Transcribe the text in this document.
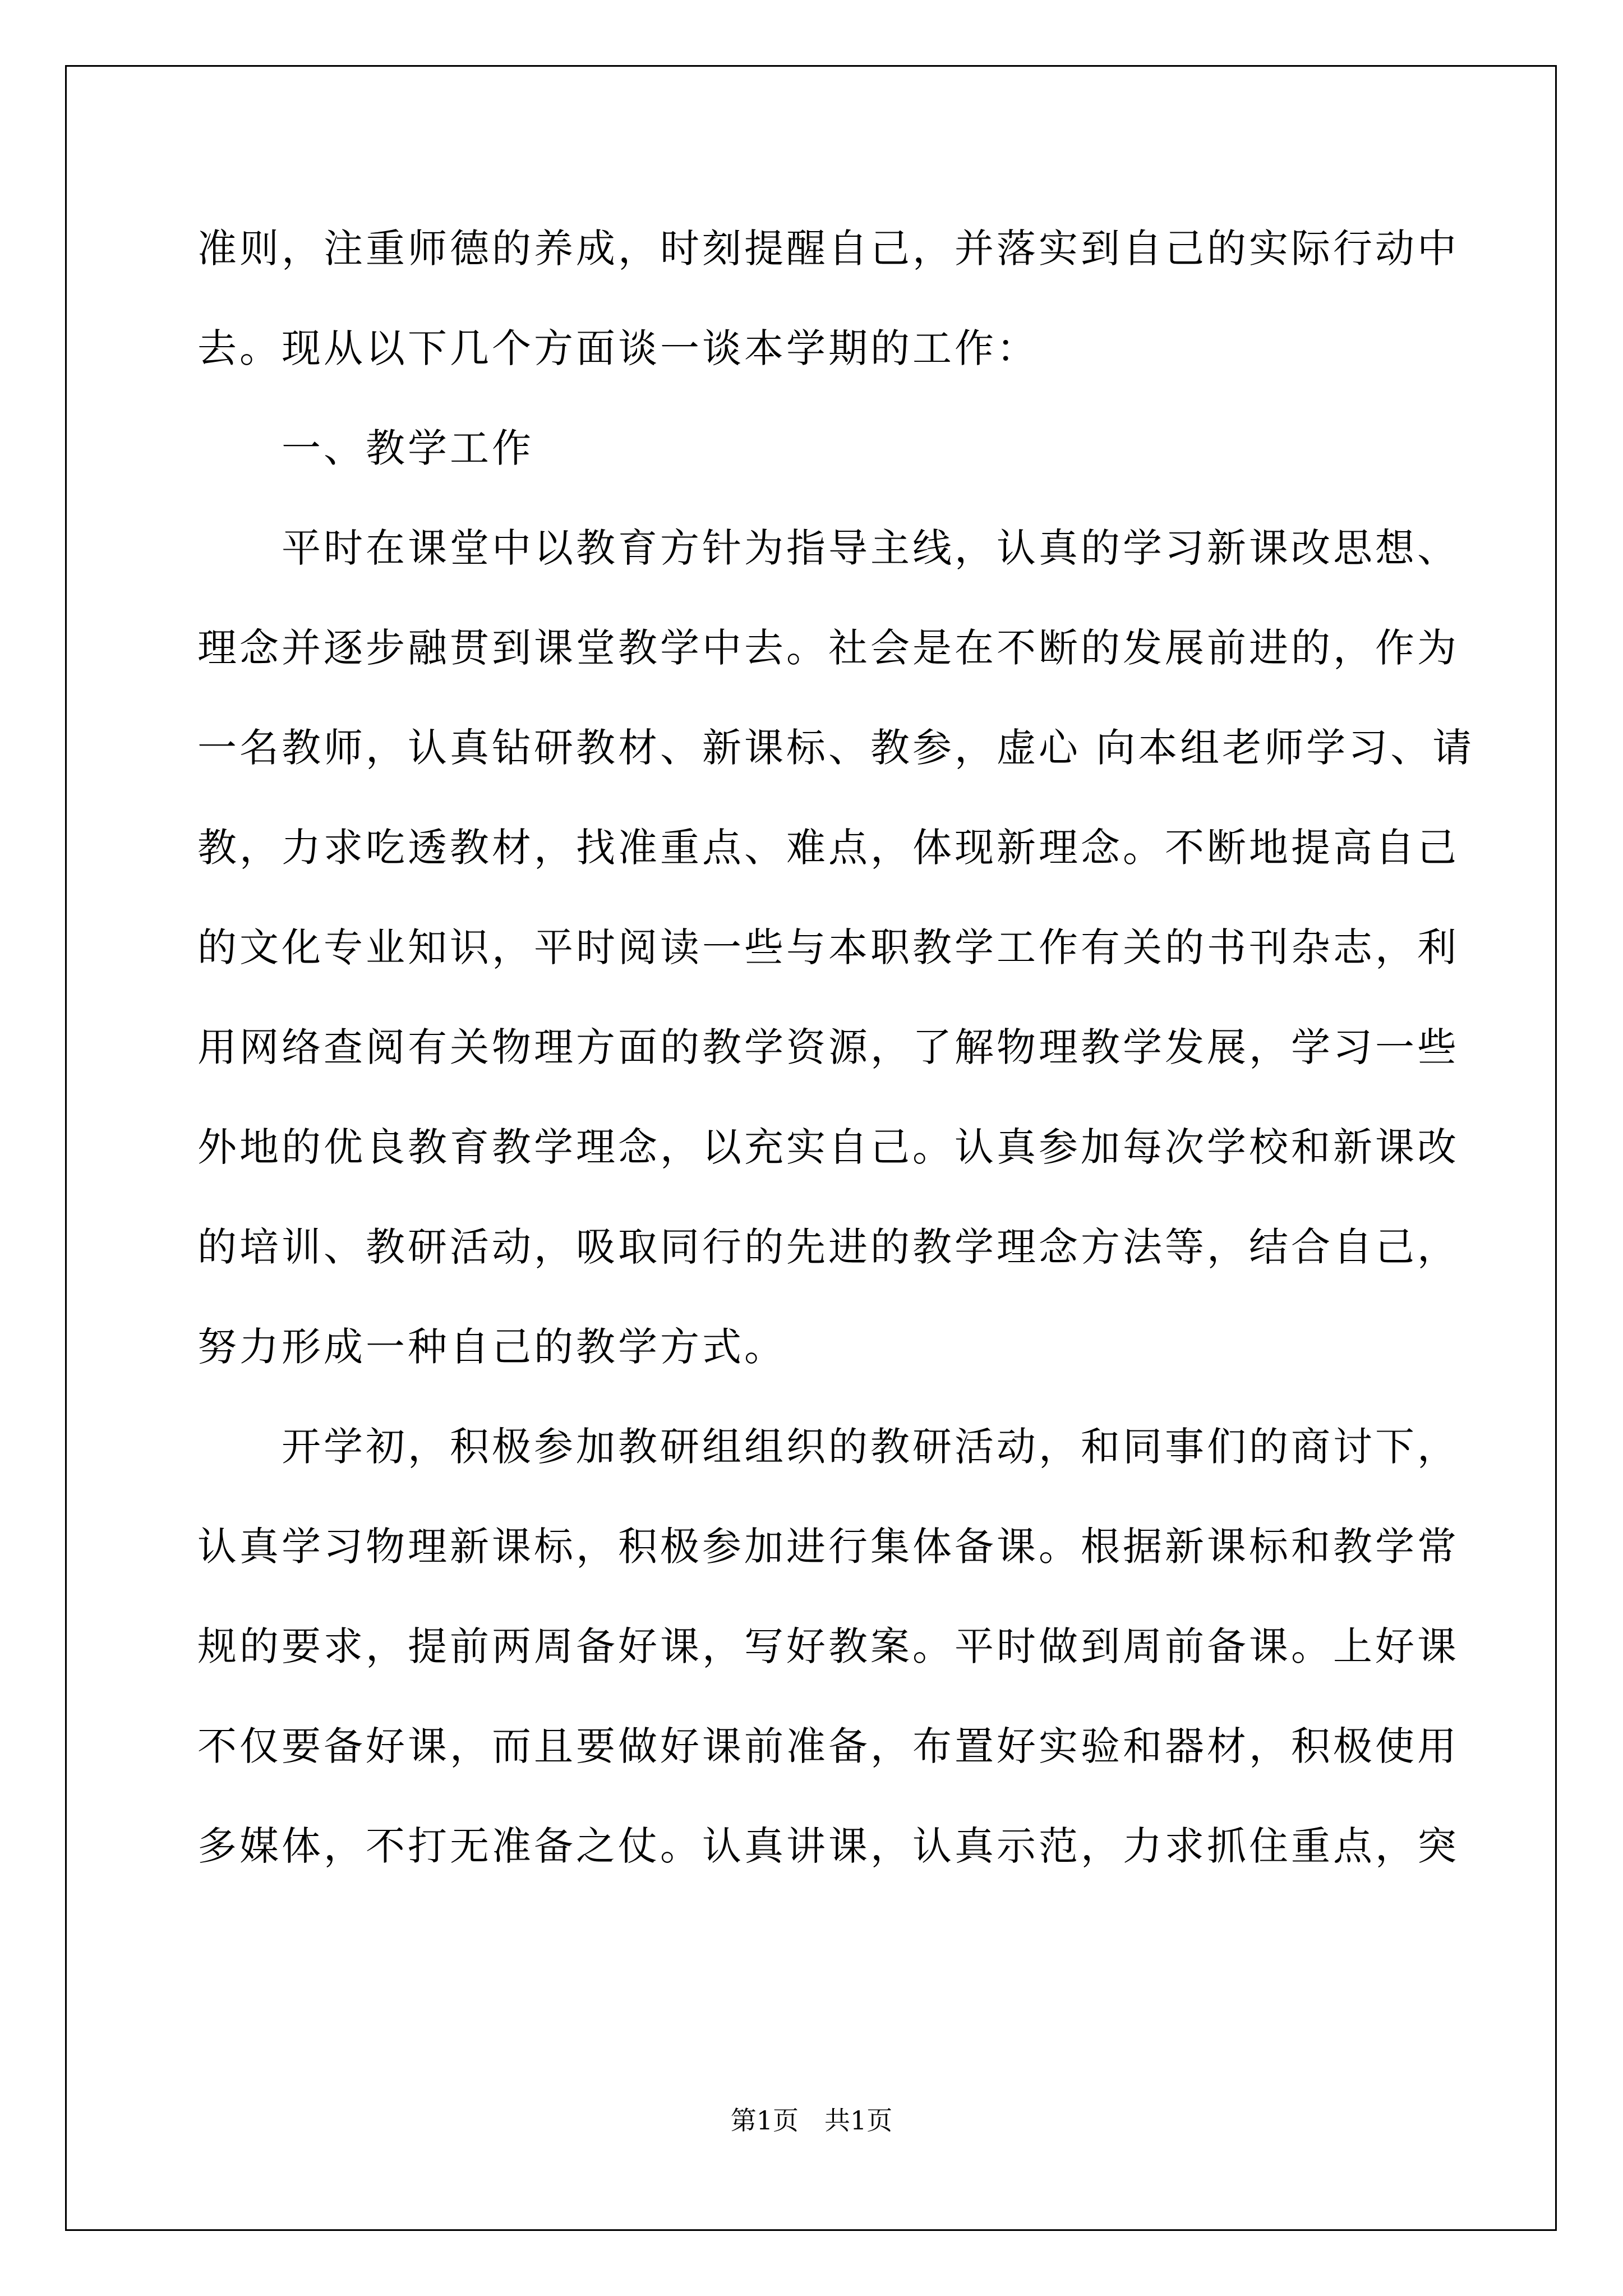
准则，注重师德的养成，时刻提醒自己，并落实到自己的实际行动中
去。现从以下几个方面谈一谈本学期的工作：
一、教学工作
平时在课堂中以教育方针为指导主线，认真的学习新课改思想、
理念并逐步融贯到课堂教学中去。社会是在不断的发展前进的，作为
一名教师，认真钻研教材、新课标、教参，虚心 向本组老师学习、请
教，力求吃透教材，找准重点、难点，体现新理念。不断地提高自己
的文化专业知识，平时阅读一些与本职教学工作有关的书刊杂志，利
用网络查阅有关物理方面的教学资源，了解物理教学发展，学习一些
外地的优良教育教学理念，以充实自己。认真参加每次学校和新课改
的培训、教研活动，吸取同行的先进的教学理念方法等，结合自己，
努力形成一种自己的教学方式。
开学初，积极参加教研组组织的教研活动，和同事们的商讨下，
认真学习物理新课标，积极参加进行集体备课。根据新课标和教学常
规的要求，提前两周备好课，写好教案。平时做到周前备课。上好课
不仅要备好课，而且要做好课前准备，布置好实验和器材，积极使用
多媒体，不打无准备之仗。认真讲课，认真示范，力求抓住重点，突
第1页　共1页
